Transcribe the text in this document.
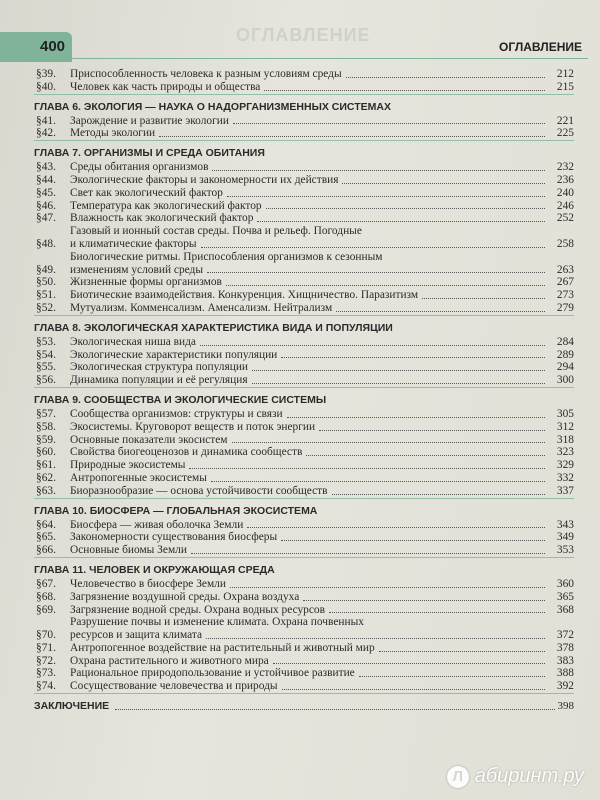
400
ОГЛАВЛЕНИЕ
ОГЛАВЛЕНИЕ
§39.	Приспособленность человека к разным условиям среды	212
§40.	Человек как часть природы и общества	215
ГЛАВА 6. ЭКОЛОГИЯ — НАУКА О НАДОРГАНИЗМЕННЫХ СИСТЕМАХ
§41.	Зарождение и развитие экологии	221
§42.	Методы экологии	225
ГЛАВА 7. ОРГАНИЗМЫ И СРЕДА ОБИТАНИЯ
§43.	Среды обитания организмов	232
§44.	Экологические факторы и закономерности их действия	236
§45.	Свет как экологический фактор	240
§46.	Температура как экологический фактор	246
§47.	Влажность как экологический фактор	252
§48.
Газовый и ионный состав среды. Почва и рельеф. Погодные
и климатические факторы	258
§49.
Биологические ритмы. Приспособления организмов к сезонным
изменениям условий среды	263
§50.	Жизненные формы организмов	267
§51.	Биотические взаимодействия. Конкуренция. Хищничество. Паразитизм	273
§52.	Мутуализм. Комменсализм. Аменсализм. Нейтрализм	279
ГЛАВА 8. ЭКОЛОГИЧЕСКАЯ ХАРАКТЕРИСТИКА ВИДА И ПОПУЛЯЦИИ
§53.	Экологическая ниша вида	284
§54.	Экологические характеристики популяции	289
§55.	Экологическая структура популяции	294
§56.	Динамика популяции и её регуляция	300
ГЛАВА 9. СООБЩЕСТВА И ЭКОЛОГИЧЕСКИЕ СИСТЕМЫ
§57.	Сообщества организмов: структуры и связи	305
§58.	Экосистемы. Круговорот веществ и поток энергии	312
§59.	Основные показатели экосистем	318
§60.	Свойства биогеоценозов и динамика сообществ	323
§61.	Природные экосистемы	329
§62.	Антропогенные экосистемы	332
§63.	Биоразнообразие — основа устойчивости сообществ	337
ГЛАВА 10. БИОСФЕРА — ГЛОБАЛЬНАЯ ЭКОСИСТЕМА
§64.	Биосфера — живая оболочка Земли	343
§65.	Закономерности существования биосферы	349
§66.	Основные биомы Земли	353
ГЛАВА 11. ЧЕЛОВЕК И ОКРУЖАЮЩАЯ СРЕДА
§67.	Человечество в биосфере Земли	360
§68.	Загрязнение воздушной среды. Охрана воздуха	365
§69.	Загрязнение водной среды. Охрана водных ресурсов	368
§70.
Разрушение почвы и изменение климата. Охрана почвенных
ресурсов и защита климата	372
§71.	Антропогенное воздействие на растительный и животный мир	378
§72.	Охрана растительного и животного мира	383
§73.	Рациональное природопользование и устойчивое развитие	388
§74.	Сосуществование человечества и природы	392
ЗАКЛЮЧЕНИЕ	398
Л абиринт.ру
